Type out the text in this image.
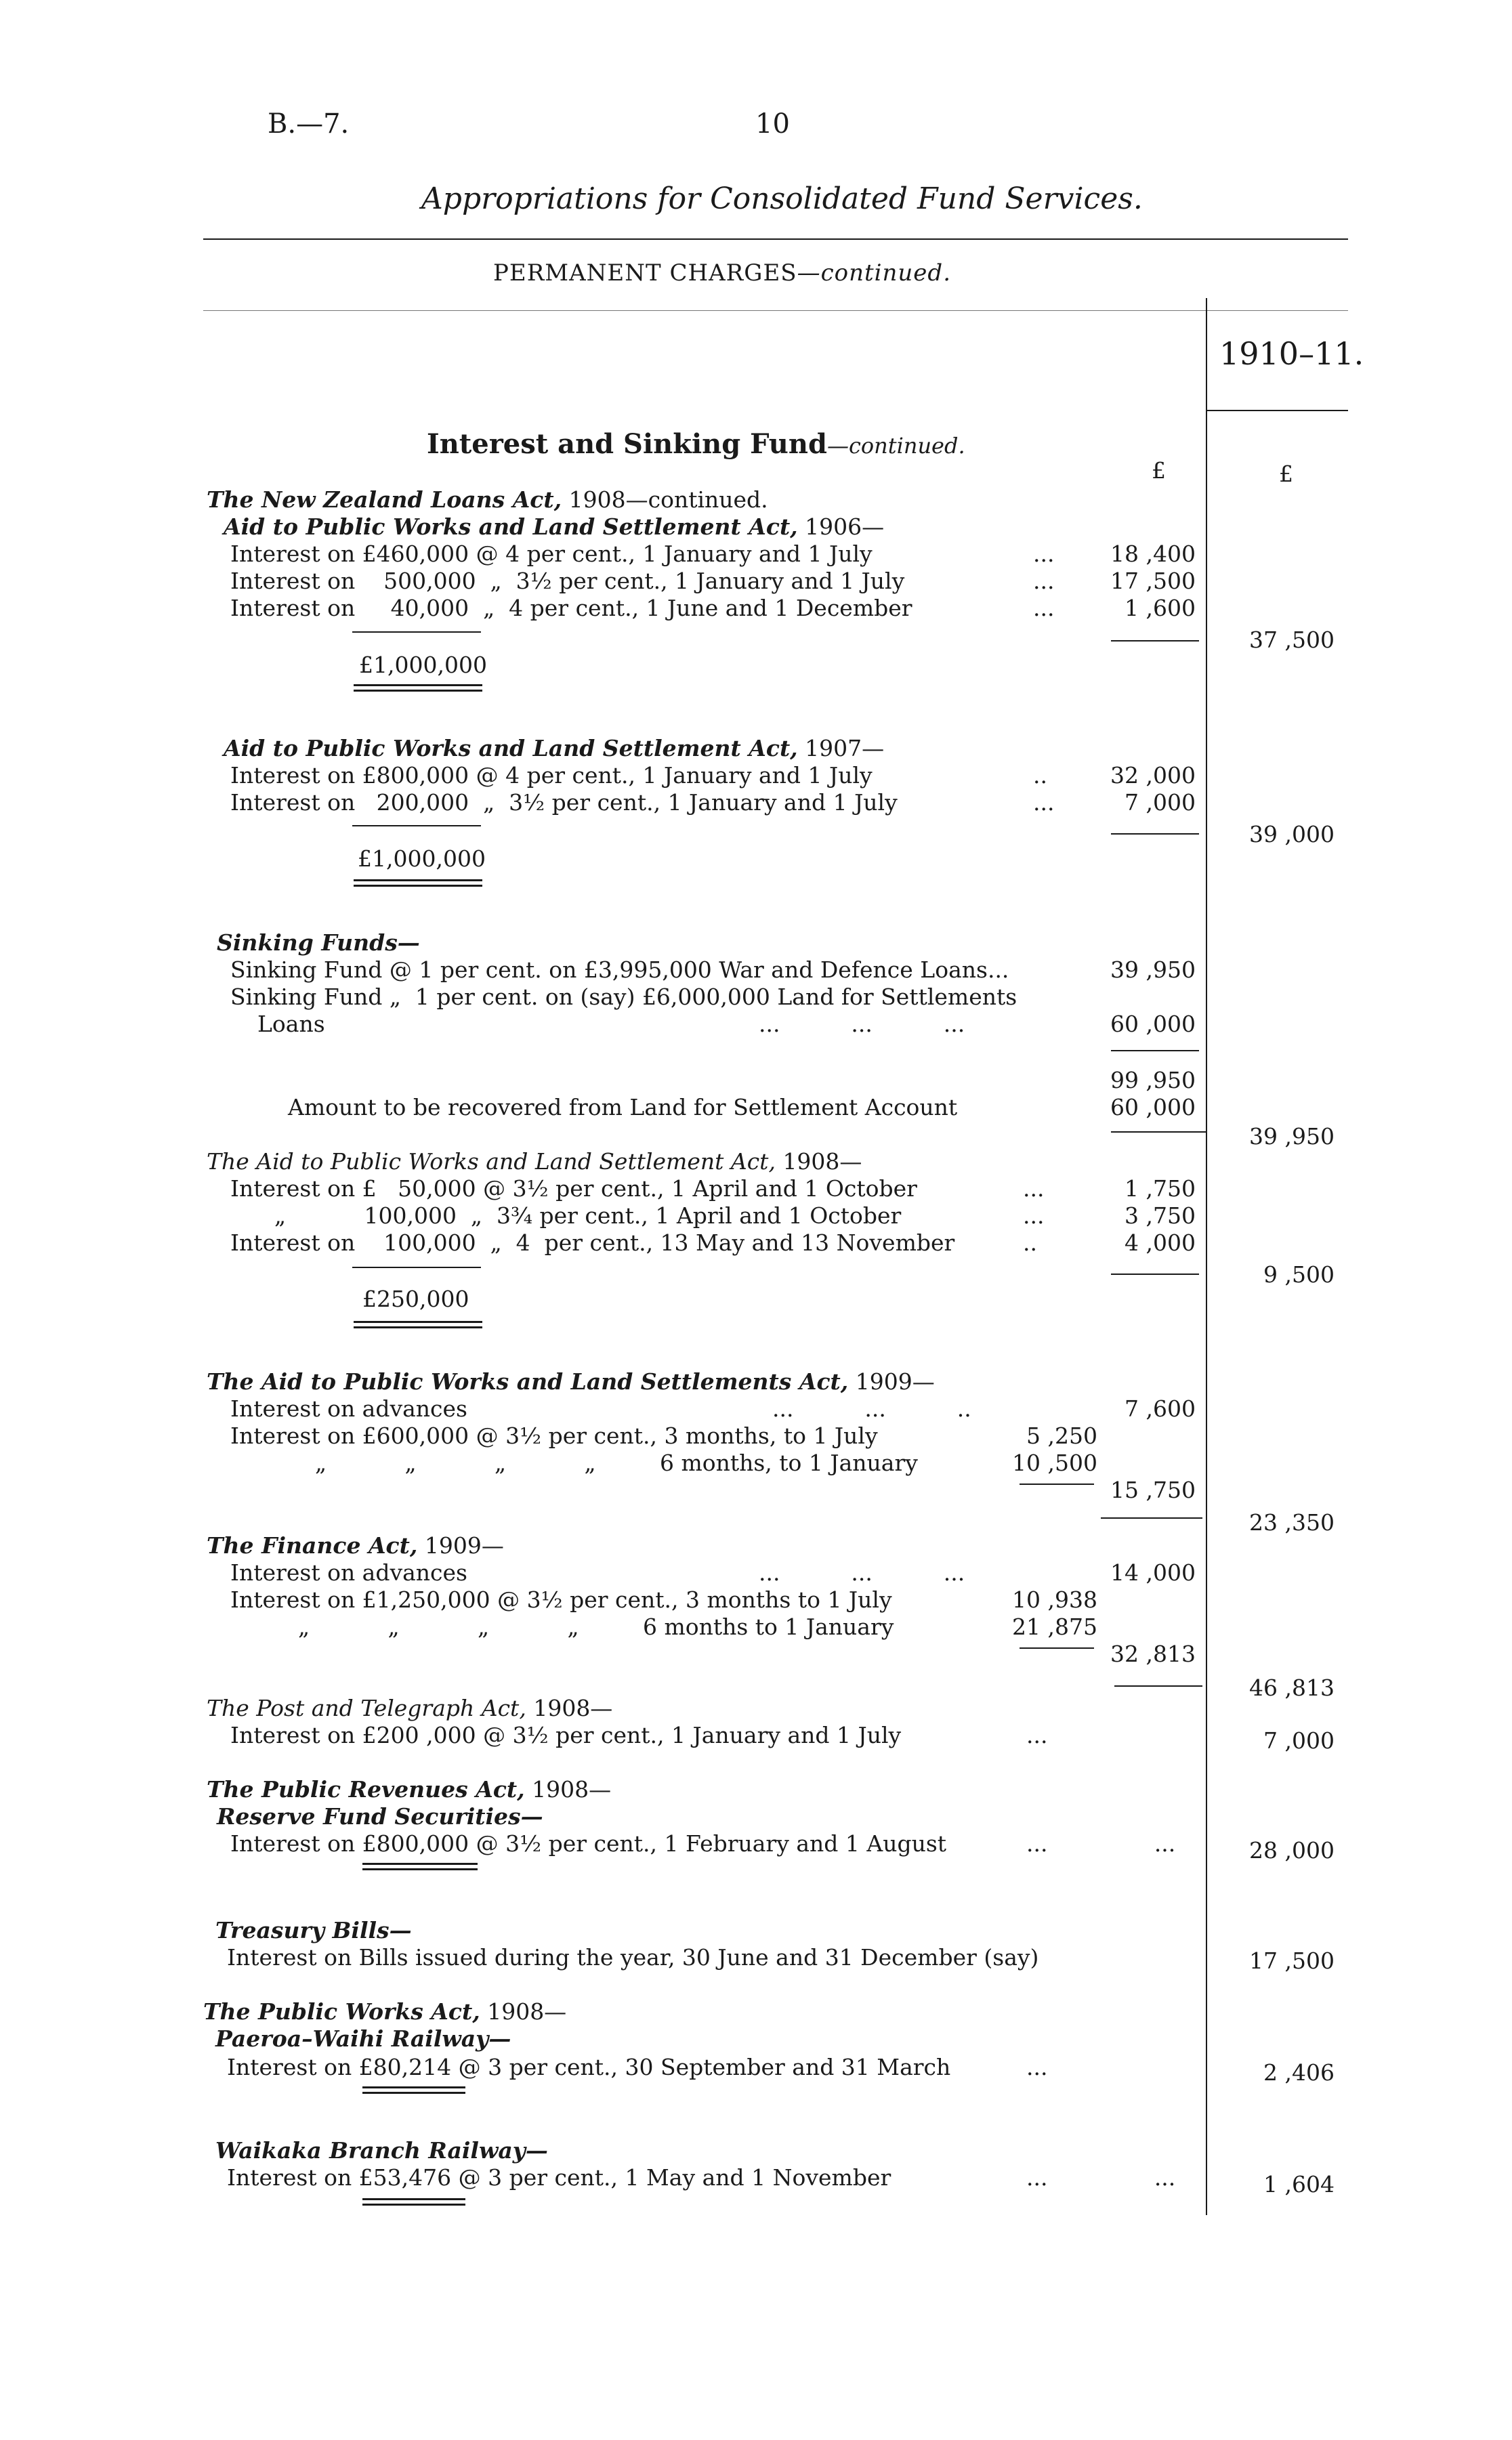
B.—7.	10
Appropriations for Consolidated Fund Services.
PERMANENT CHARGES—continued.
1910–11.
£	£
Interest and Sinking Fund—continued.
The New Zealand Loans Act, 1908—continued.
Aid to Public Works and Land Settlement Act, 1906—
Interest on £460,000 @ 4 per cent., 1 January and 1 July	...	18 ,400
Interest on    500,000  „  3½ per cent., 1 January and 1 July	...	17 ,500
Interest on     40,000  „  4 per cent., 1 June and 1 December	...	1 ,600
£1,000,000
37 ,500
Aid to Public Works and Land Settlement Act, 1907—
Interest on £800,000 @ 4 per cent., 1 January and 1 July	..	32 ,000
Interest on   200,000  „  3½ per cent., 1 January and 1 July	...	7 ,000
£1,000,000
39 ,000
Sinking Funds—
Sinking Fund @ 1 per cent. on £3,995,000 War and Defence Loans...	39 ,950
Sinking Fund „  1 per cent. on (say) £6,000,000 Land for Settlements
Loans	...          ...          ...	60 ,000
99 ,950
Amount to be recovered from Land for Settlement Account	60 ,000
39 ,950
The Aid to Public Works and Land Settlement Act, 1908—
Interest on £   50,000 @ 3½ per cent., 1 April and 1 October	...	1 ,750
„           100,000  „  3¾ per cent., 1 April and 1 October	...	3 ,750
Interest on    100,000  „  4  per cent., 13 May and 13 November	..	4 ,000
£250,000
9 ,500
The Aid to Public Works and Land Settlements Act, 1909—
Interest on advances	...          ...          ..	7 ,600
Interest on £600,000 @ 3½ per cent., 3 months, to 1 July	5 ,250
„           „           „           „         6 months, to 1 January	10 ,500
15 ,750
23 ,350
The Finance Act, 1909—
Interest on advances	...          ...          ...	14 ,000
Interest on £1,250,000 @ 3½ per cent., 3 months to 1 July	10 ,938
„           „           „           „         6 months to 1 January	21 ,875
32 ,813
46 ,813
The Post and Telegraph Act, 1908—
Interest on £200 ,000 @ 3½ per cent., 1 January and 1 July	...	7 ,000
The Public Revenues Act, 1908—
Reserve Fund Securities—
Interest on £800,000 @ 3½ per cent., 1 February and 1 August	...               ...	28 ,000
Treasury Bills—
Interest on Bills issued during the year, 30 June and 31 December (say)	17 ,500
The Public Works Act, 1908—
Paeroa–Waihi Railway—
Interest on £80,214 @ 3 per cent., 30 September and 31 March	...	2 ,406
Waikaka Branch Railway—
Interest on £53,476 @ 3 per cent., 1 May and 1 November	...               ...	1 ,604
